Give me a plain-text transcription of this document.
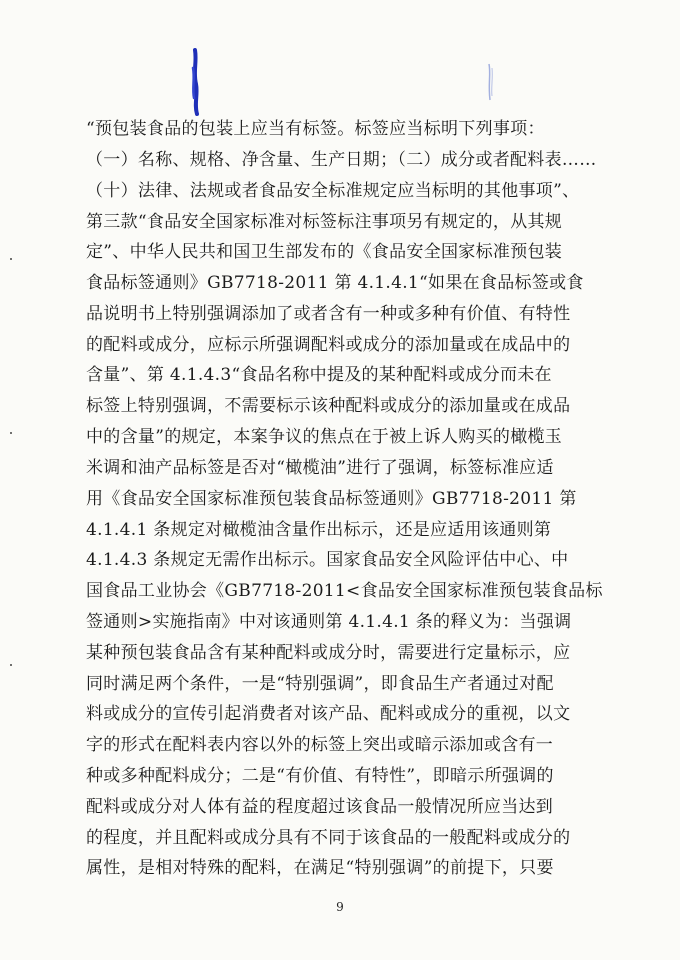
“预包装食品的包装上应当有标签。标签应当标明下列事项：
（一）名称、规格、净含量、生产日期；（二）成分或者配料表……
（十）法律、法规或者食品安全标准规定应当标明的其他事项”、
第三款“食品安全国家标准对标签标注事项另有规定的，从其规
定”、中华人民共和国卫生部发布的《食品安全国家标准预包装
食品标签通则》GB7718-2011 第 4.1.4.1“如果在食品标签或食
品说明书上特别强调添加了或者含有一种或多种有价值、有特性
的配料或成分，应标示所强调配料或成分的添加量或在成品中的
含量”、第 4.1.4.3“食品名称中提及的某种配料或成分而未在
标签上特别强调，不需要标示该种配料或成分的添加量或在成品
中的含量”的规定，本案争议的焦点在于被上诉人购买的橄榄玉
米调和油产品标签是否对“橄榄油”进行了强调，标签标准应适
用《食品安全国家标准预包装食品标签通则》GB7718-2011 第
4.1.4.1 条规定对橄榄油含量作出标示，还是应适用该通则第
4.1.4.3 条规定无需作出标示。国家食品安全风险评估中心、中
国食品工业协会《GB7718-2011<食品安全国家标准预包装食品标
签通则>实施指南》中对该通则第 4.1.4.1 条的释义为：当强调
某种预包装食品含有某种配料或成分时，需要进行定量标示，应
同时满足两个条件，一是“特别强调”，即食品生产者通过对配
料或成分的宣传引起消费者对该产品、配料或成分的重视，以文
字的形式在配料表内容以外的标签上突出或暗示添加或含有一
种或多种配料成分；二是“有价值、有特性”，即暗示所强调的
配料或成分对人体有益的程度超过该食品一般情况所应当达到
的程度，并且配料或成分具有不同于该食品的一般配料或成分的
属性，是相对特殊的配料，在满足“特别强调”的前提下，只要
9
